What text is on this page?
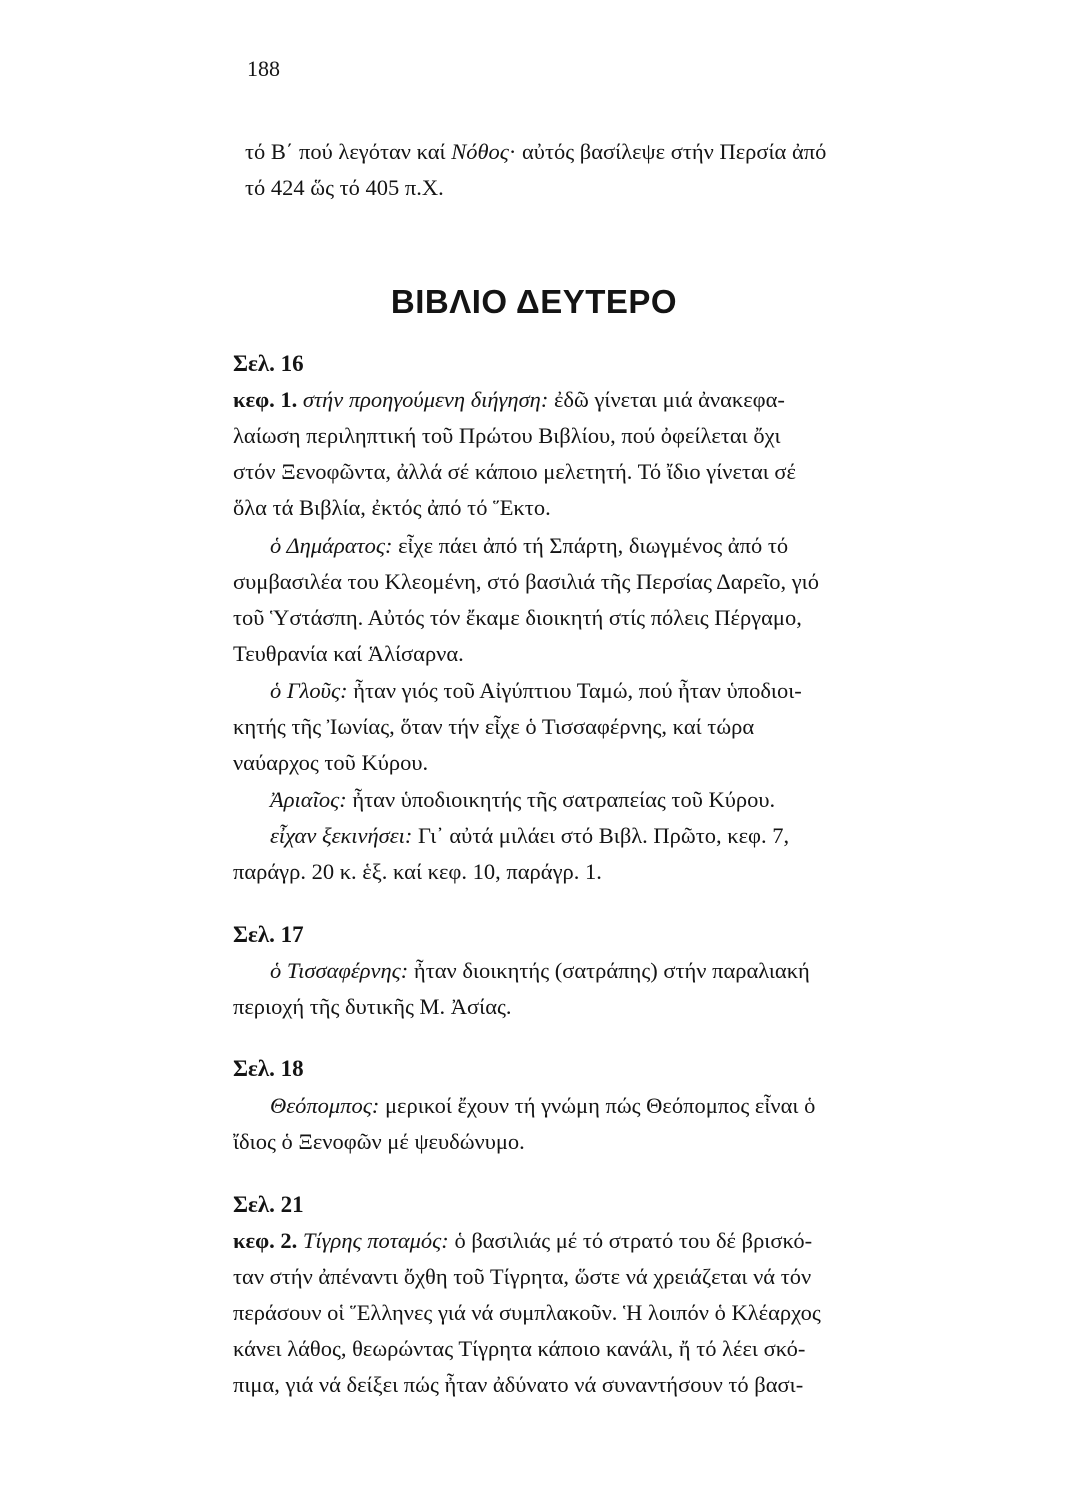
188
τό Β΄ πού λεγόταν καί Νόθος· αὐτός βασίλεψε στήν Περσία ἀπό
τό 424 ὥς τό 405 π.Χ.
ΒΙΒΛΙΟ ΔΕΥΤΕΡΟ
Σελ. 16
κεφ. 1. στήν προηγούμενη διήγηση: ἐδῶ γίνεται μιά ἀνακεφα-
λαίωση περιληπτική τοῦ Πρώτου Βιβλίου, πού ὀφείλεται ὄχι
στόν Ξενοφῶντα, ἀλλά σέ κάποιο μελετητή. Τό ἴδιο γίνεται σέ
ὅλα τά Βιβλία, ἐκτός ἀπό τό Ἕκτο.
ὁ Δημάρατος: εἶχε πάει ἀπό τή Σπάρτη, διωγμένος ἀπό τό
συμβασιλέα του Κλεομένη, στό βασιλιά τῆς Περσίας Δαρεῖο, γιό
τοῦ Ὑστάσπη. Αὐτός τόν ἔκαμε διοικητή στίς πόλεις Πέργαμο,
Τευθρανία καί Ἁλίσαρνα.
ὁ Γλοῦς: ἦταν γιός τοῦ Αἰγύπτιου Ταμώ, πού ἦταν ὑποδιοι-
κητής τῆς Ἰωνίας, ὅταν τήν εἶχε ὁ Τισσαφέρνης, καί τώρα
ναύαρχος τοῦ Κύρου.
Ἀριαῖος: ἦταν ὑποδιοικητής τῆς σατραπείας τοῦ Κύρου.
εἶχαν ξεκινήσει: Γι᾽ αὐτά μιλάει στό Βιβλ. Πρῶτο, κεφ. 7,
παράγρ. 20 κ. ἑξ. καί κεφ. 10, παράγρ. 1.
Σελ. 17
ὁ Τισσαφέρνης: ἦταν διοικητής (σατράπης) στήν παραλιακή
περιοχή τῆς δυτικῆς Μ. Ἀσίας.
Σελ. 18
Θεόπομπος: μερικοί ἔχουν τή γνώμη πώς Θεόπομπος εἶναι ὁ
ἴδιος ὁ Ξενοφῶν μέ ψευδώνυμο.
Σελ. 21
κεφ. 2. Τίγρης ποταμός: ὁ βασιλιάς μέ τό στρατό του δέ βρισκό-
ταν στήν ἀπέναντι ὄχθη τοῦ Τίγρητα, ὥστε νά χρειάζεται νά τόν
περάσουν οἱ Ἕλληνες γιά νά συμπλακοῦν. Ἡ λοιπόν ὁ Κλέαρχος
κάνει λάθος, θεωρώντας Τίγρητα κάποιο κανάλι, ἤ τό λέει σκό-
πιμα, γιά νά δείξει πώς ἦταν ἀδύνατο νά συναντήσουν τό βασι-
